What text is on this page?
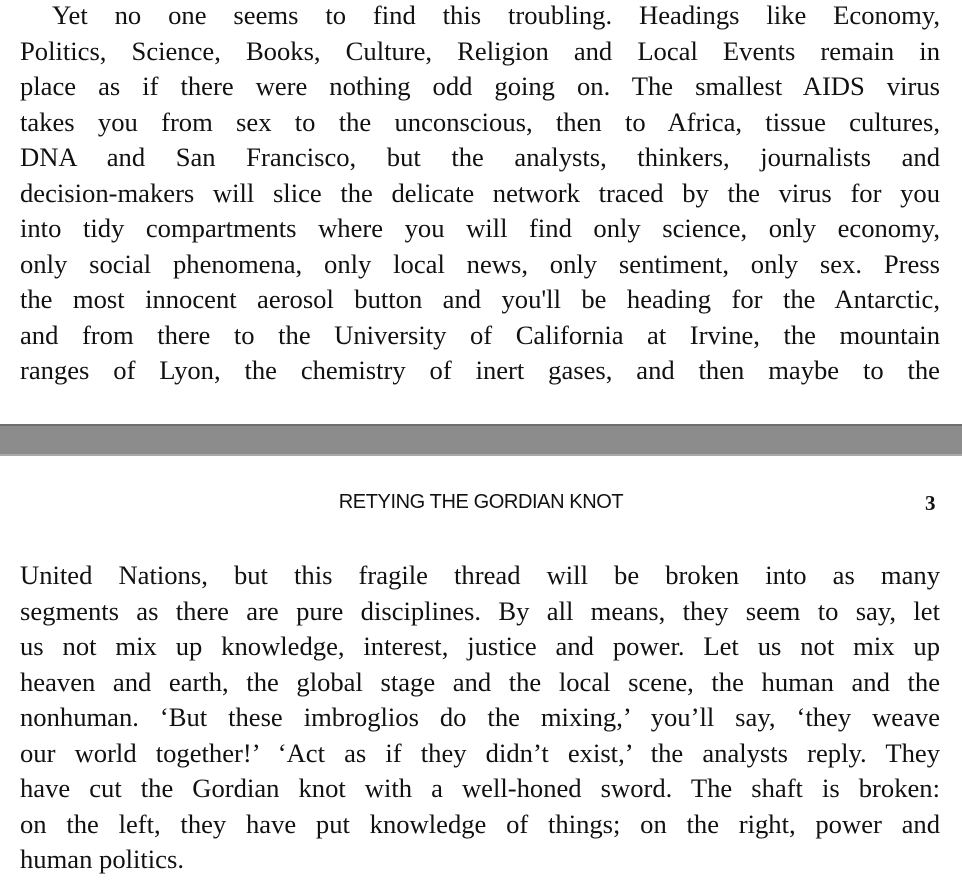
Yet no one seems to find this troubling. Headings like Economy,
Politics, Science, Books, Culture, Religion and Local Events remain in
place as if there were nothing odd going on. The smallest AIDS virus
takes you from sex to the unconscious, then to Africa, tissue cultures,
DNA and San Francisco, but the analysts, thinkers, journalists and
decision-makers will slice the delicate network traced by the virus for you
into tidy compartments where you will find only science, only economy,
only social phenomena, only local news, only sentiment, only sex. Press
the most innocent aerosol button and you'll be heading for the Antarctic,
and from there to the University of California at Irvine, the mountain
ranges of Lyon, the chemistry of inert gases, and then maybe to the
RETYING THE GORDIAN KNOT	3
United Nations, but this fragile thread will be broken into as many
segments as there are pure disciplines. By all means, they seem to say, let
us not mix up knowledge, interest, justice and power. Let us not mix up
heaven and earth, the global stage and the local scene, the human and the
nonhuman. ‘But these imbroglios do the mixing,’ you’ll say, ‘they weave
our world together!’ ‘Act as if they didn’t exist,’ the analysts reply. They
have cut the Gordian knot with a well-honed sword. The shaft is broken:
on the left, they have put knowledge of things; on the right, power and
human politics.
